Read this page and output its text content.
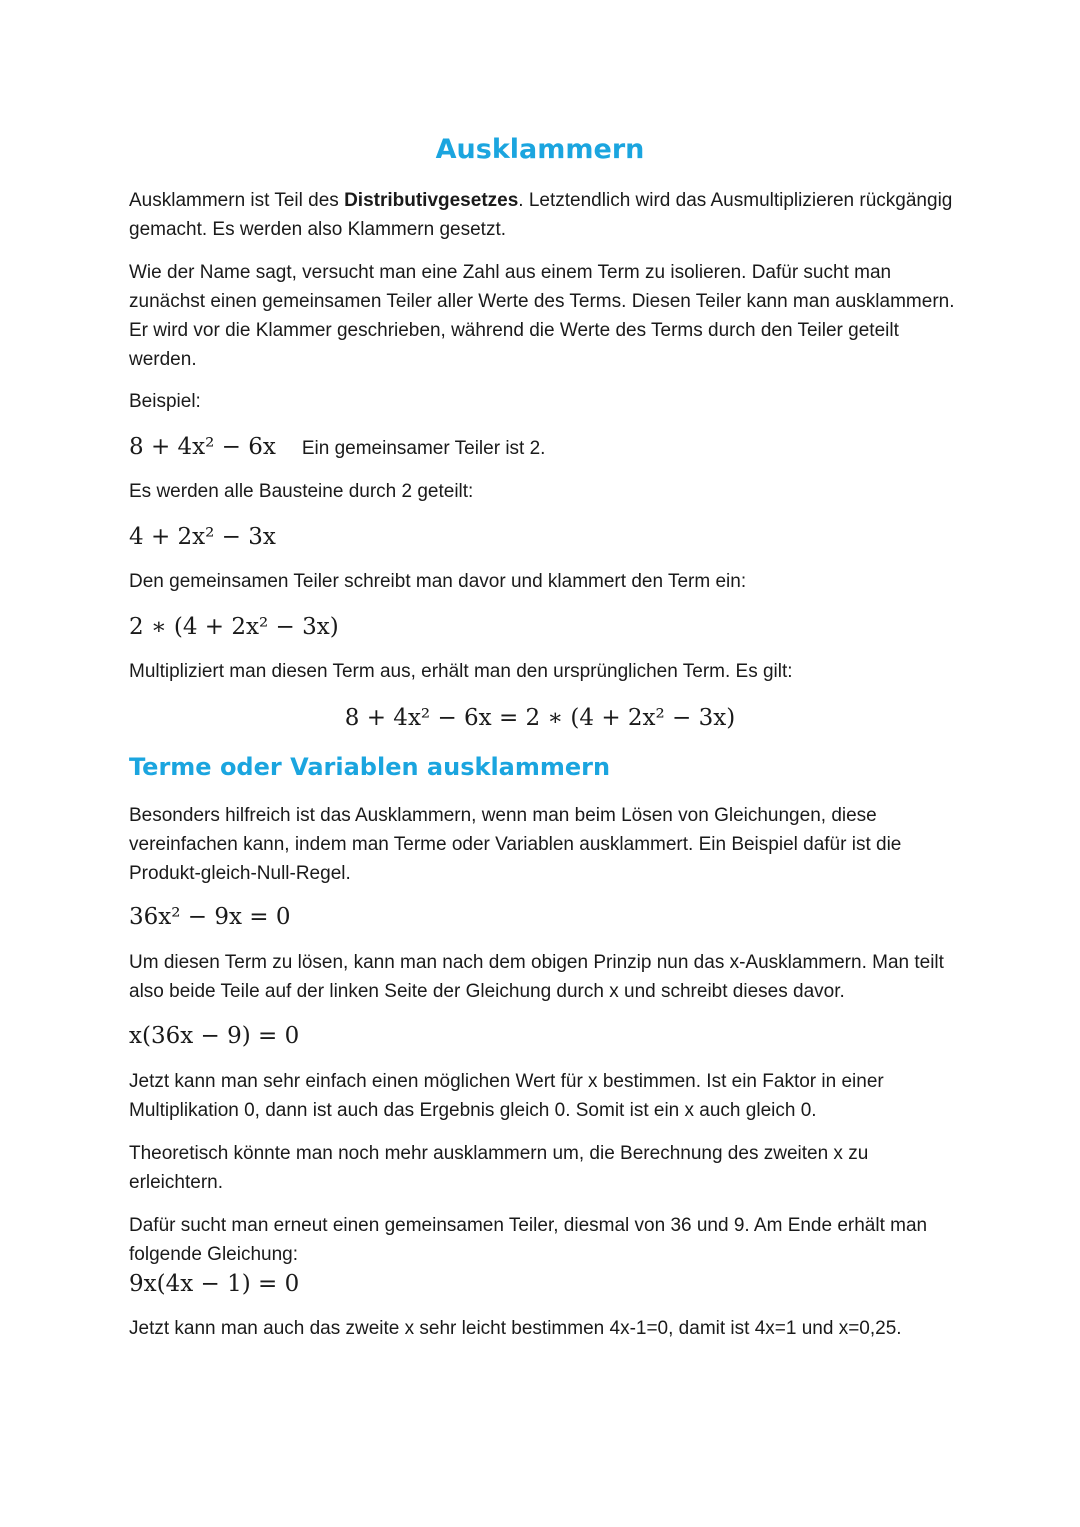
Ausklammern

Ausklammern ist Teil des Distributivgesetzes. Letztendlich wird das Ausmultiplizieren rückgängig gemacht. Es werden also Klammern gesetzt.

Wie der Name sagt, versucht man eine Zahl aus einem Term zu isolieren. Dafür sucht man zunächst einen gemeinsamen Teiler aller Werte des Terms. Diesen Teiler kann man ausklammern. Er wird vor die Klammer geschrieben, während die Werte des Terms durch den Teiler geteilt werden.

Beispiel:

8 + 4x² − 6x Ein gemeinsamer Teiler ist 2.

Es werden alle Bausteine durch 2 geteilt:

4 + 2x² − 3x

Den gemeinsamen Teiler schreibt man davor und klammert den Term ein:

2 ∗ (4 + 2x² − 3x)

Multipliziert man diesen Term aus, erhält man den ursprünglichen Term. Es gilt:

8 + 4x² − 6x = 2 ∗ (4 + 2x² − 3x)

Terme oder Variablen ausklammern

Besonders hilfreich ist das Ausklammern, wenn man beim Lösen von Gleichungen, diese vereinfachen kann, indem man Terme oder Variablen ausklammert. Ein Beispiel dafür ist die Produkt-gleich-Null-Regel.

36x² − 9x = 0

Um diesen Term zu lösen, kann man nach dem obigen Prinzip nun das x-Ausklammern. Man teilt also beide Teile auf der linken Seite der Gleichung durch x und schreibt dieses davor.

x(36x − 9) = 0

Jetzt kann man sehr einfach einen möglichen Wert für x bestimmen. Ist ein Faktor in einer Multiplikation 0, dann ist auch das Ergebnis gleich 0. Somit ist ein x auch gleich 0.

Theoretisch könnte man noch mehr ausklammern um, die Berechnung des zweiten x zu erleichtern.

Dafür sucht man erneut einen gemeinsamen Teiler, diesmal von 36 und 9. Am Ende erhält man folgende Gleichung:

9x(4x − 1) = 0

Jetzt kann man auch das zweite x sehr leicht bestimmen 4x-1=0, damit ist 4x=1 und x=0,25.
